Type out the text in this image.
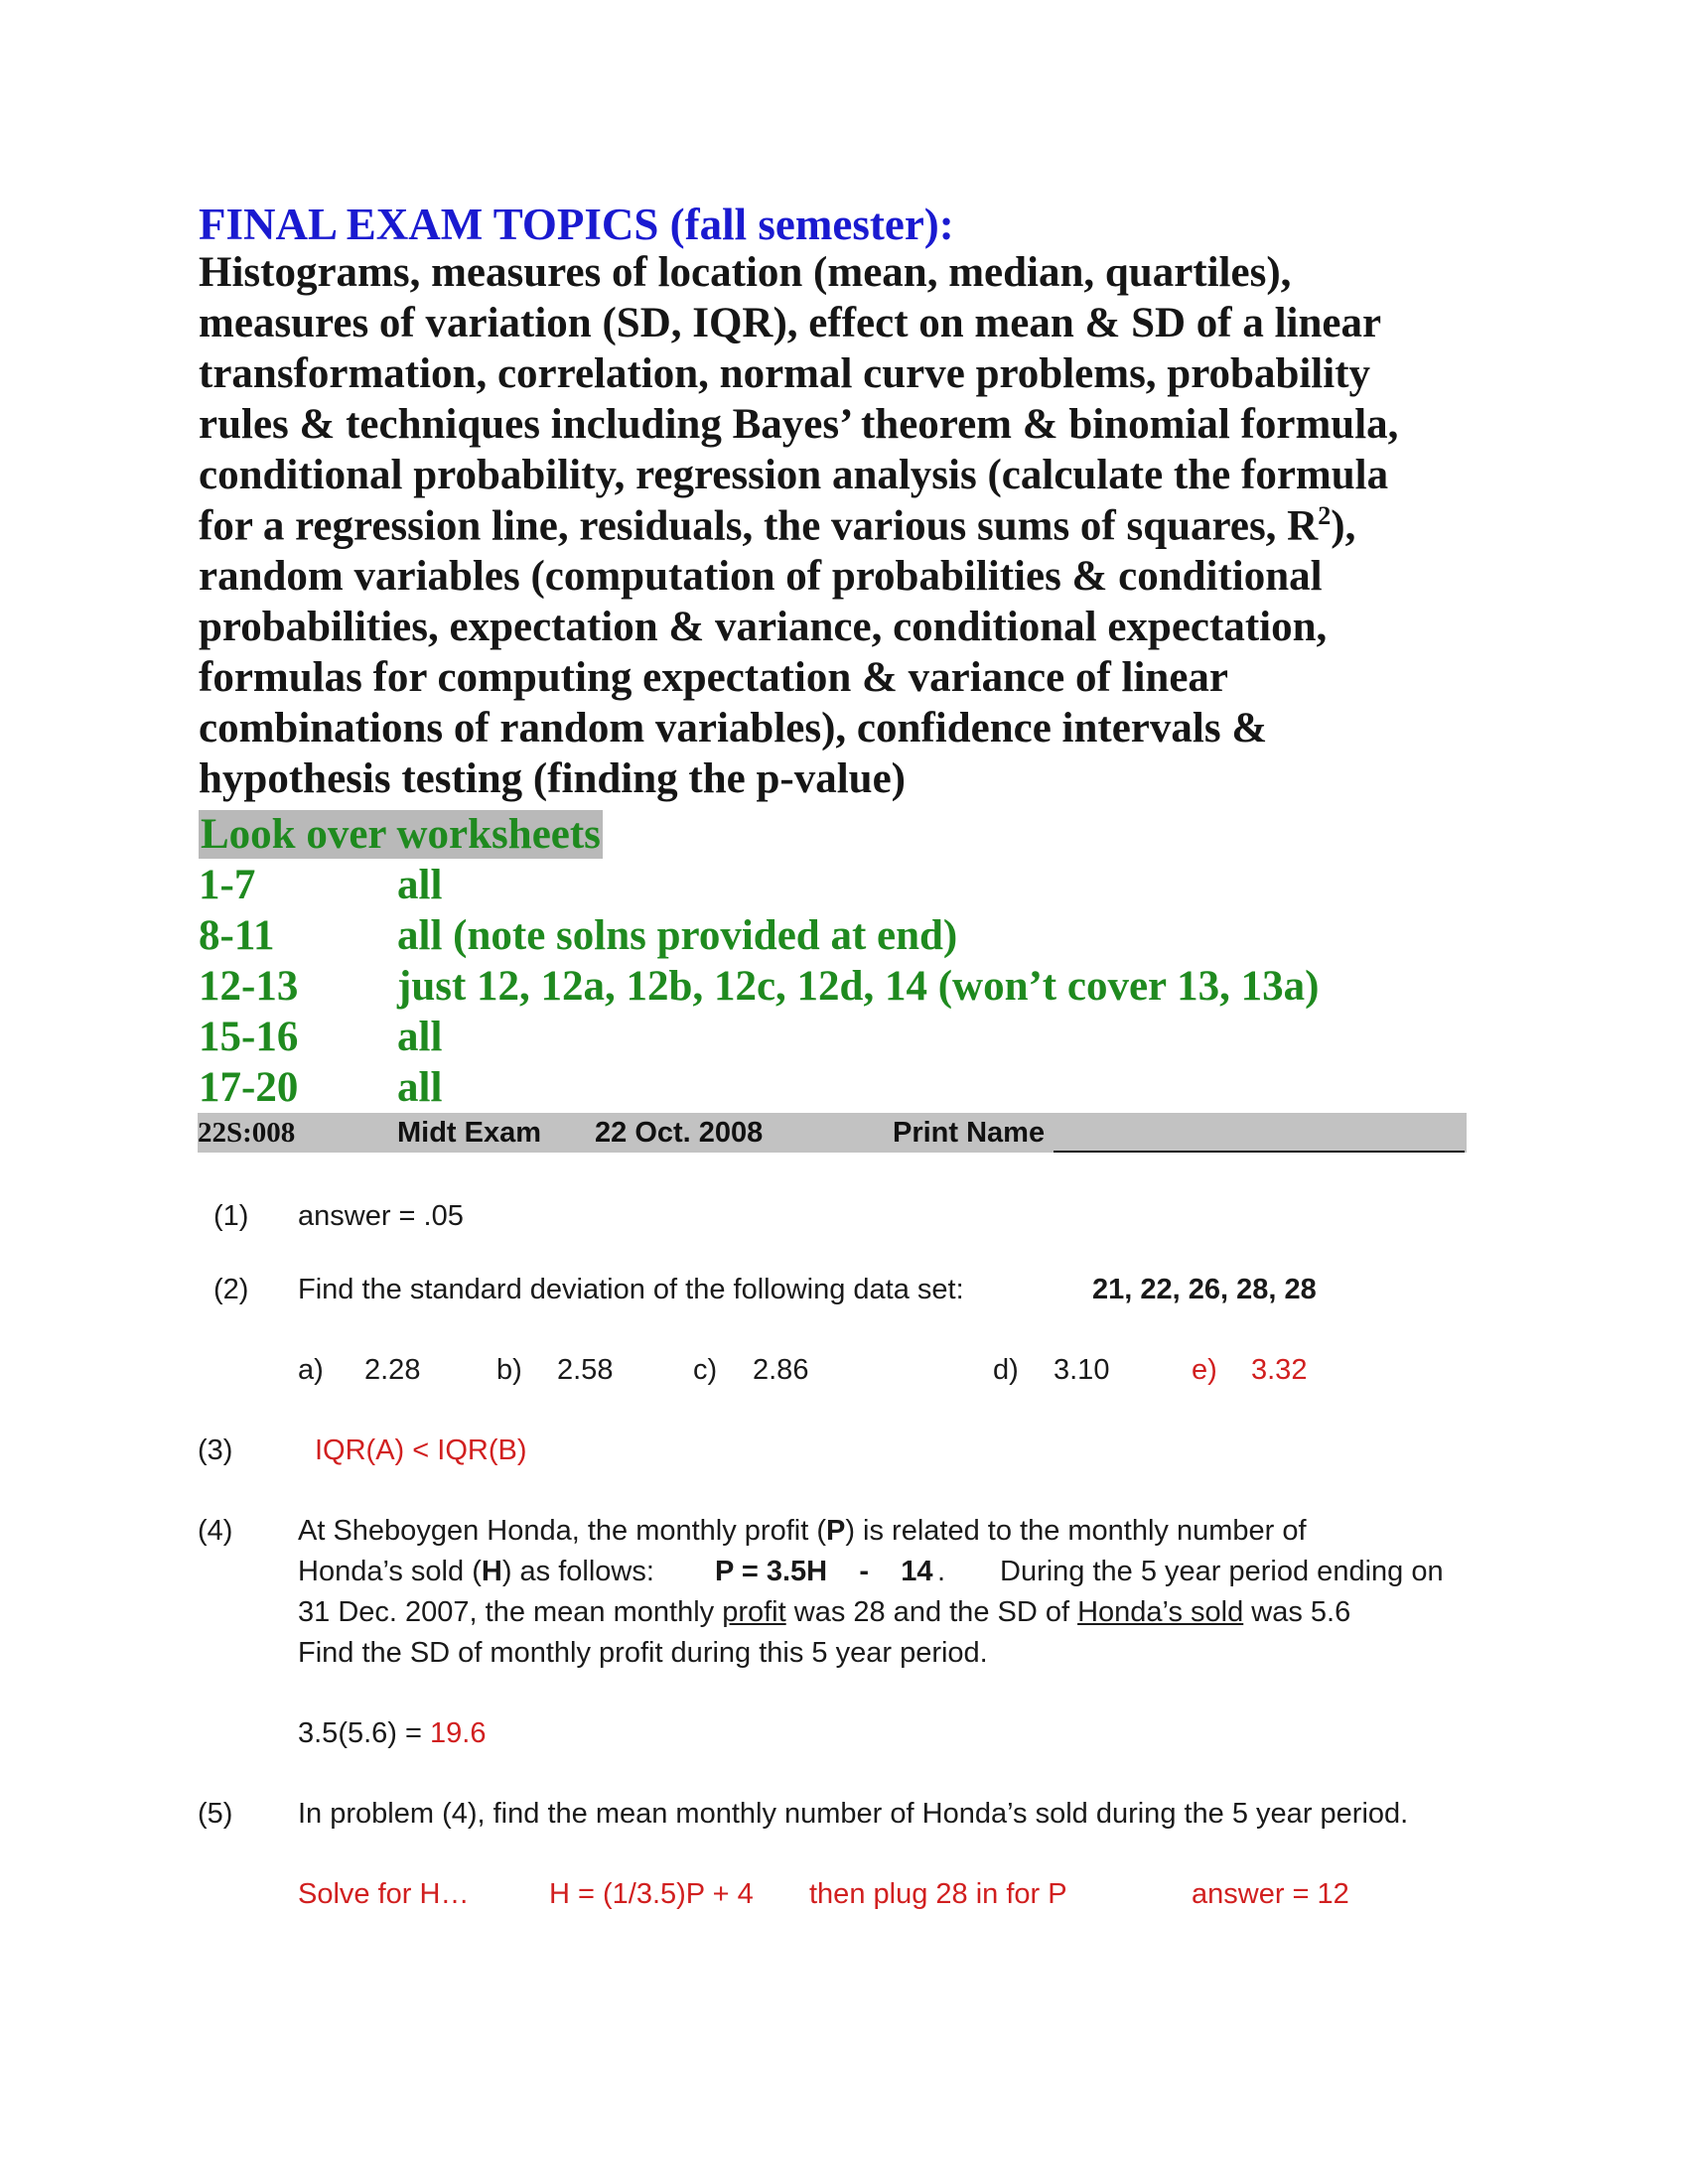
FINAL EXAM TOPICS (fall semester):
Histograms, measures of location (mean, median, quartiles),
measures of variation (SD, IQR), effect on mean & SD of a linear
transformation, correlation, normal curve problems, probability
rules & techniques including Bayes’ theorem & binomial formula,
conditional probability, regression analysis (calculate the formula
for a regression line, residuals, the various sums of squares, $R^2$),
random variables (computation of probabilities & conditional
probabilities, expectation & variance, conditional expectation,
formulas for computing expectation & variance of linear
combinations of random variables), confidence intervals &
hypothesis testing (finding the p-value)
Look over worksheets
1-7	all
8-11	all (note solns provided at end)
12-13 just 12, 12a, 12b, 12c, 12d, 14 (won’t cover 13, 13a)
15-16 all
17-20 all
22S:008	Midt Exam 22 Oct. 2008	Print Name
(1) answer = .05
(2) Find the standard deviation of the following data set:	21, 22, 26, 28, 28
a) 2.28	b) 2.58	c) 2.86	d) 3.10	e) 3.32
(3)	IQR(A) < IQR(B)
(4) At Sheboygen Honda, the monthly profit (P) is related to the monthly number of
Honda’s sold (H) as follows: P = 3.5H    -    14 . During the 5 year period ending on
31 Dec. 2007, the mean monthly profit was 28 and the SD of Honda’s sold was 5.6
Find the SD of monthly profit during this 5 year period.
3.5(5.6) = 19.6
(5) In problem (4), find the mean monthly number of Honda’s sold during the 5 year period.
Solve for H…	H = (1/3.5)P + 4 then plug 28 in for P	answer = 12
